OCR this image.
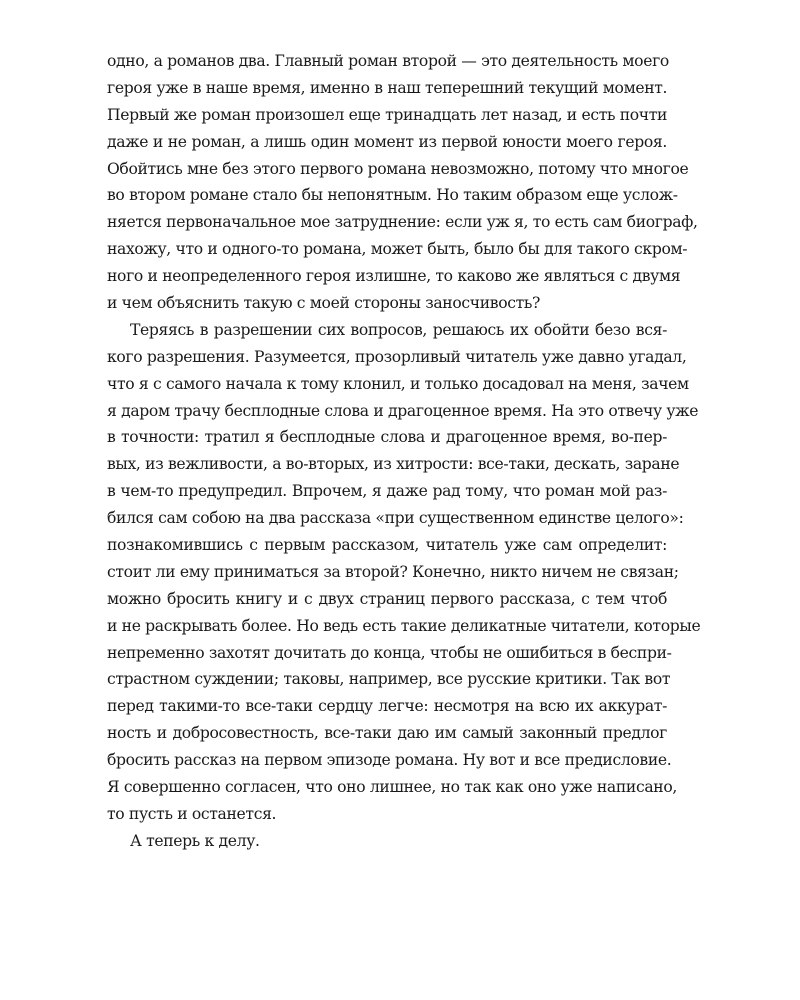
одно, а романов два. Главный роман второй — это деятельность моего
героя уже в наше время, именно в наш теперешний текущий момент.
Первый же роман произошел еще тринадцать лет назад, и есть почти
даже и не роман, а лишь один момент из первой юности моего героя.
Обойтись мне без этого первого романа невозможно, потому что многое
во втором романе стало бы непонятным. Но таким образом еще услож-
няется первоначальное мое затруднение: если уж я, то есть сам биограф,
нахожу, что и одного-то романа, может быть, было бы для такого скром-
ного и неопределенного героя излишне, то каково же являться с двумя
и чем объяснить такую с моей стороны заносчивость?
Теряясь в разрешении сих вопросов, решаюсь их обойти безо вся-
кого разрешения. Разумеется, прозорливый читатель уже давно угадал,
что я с самого начала к тому клонил, и только досадовал на меня, зачем
я даром трачу бесплодные слова и драгоценное время. На это отвечу уже
в точности: тратил я бесплодные слова и драгоценное время, во-пер-
вых, из вежливости, а во-вторых, из хитрости: все-таки, дескать, заране
в чем-то предупредил. Впрочем, я даже рад тому, что роман мой раз-
бился сам собою на два рассказа «при существенном единстве целого»:
познакомившись с первым рассказом, читатель уже сам определит:
стоит ли ему приниматься за второй? Конечно, никто ничем не связан;
можно бросить книгу и с двух страниц первого рассказа, с тем чтоб
и не раскрывать более. Но ведь есть такие деликатные читатели, которые
непременно захотят дочитать до конца, чтобы не ошибиться в беспри-
страстном суждении; таковы, например, все русские критики. Так вот
перед такими-то все-таки сердцу легче: несмотря на всю их аккурат-
ность и добросовестность, все-таки даю им самый законный предлог
бросить рассказ на первом эпизоде романа. Ну вот и все предисловие.
Я совершенно согласен, что оно лишнее, но так как оно уже написано,
то пусть и останется.
А теперь к делу.
